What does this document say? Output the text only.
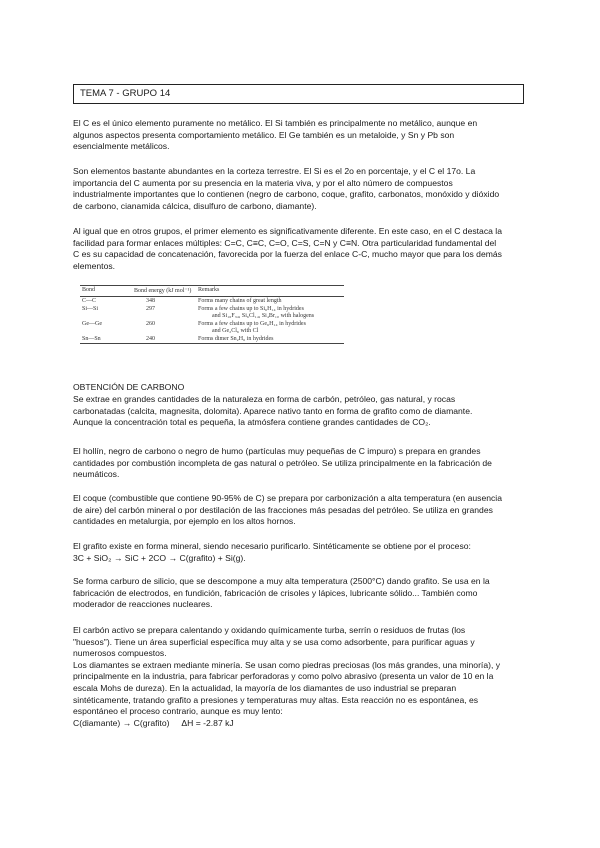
TEMA 7 - GRUPO 14
El C es el único elemento puramente no metálico. El Si también es principalmente no metálico, aunque en
algunos aspectos presenta comportamiento metálico. El Ge también es un metaloide, y Sn y Pb son
esencialmente metálicos.
Son elementos bastante abundantes en la corteza terrestre. El Si es el 2o en porcentaje, y el C el 17o. La
importancia del C aumenta por su presencia en la materia viva, y por el alto número de compuestos
industrialmente importantes que lo contienen (negro de carbono, coque, grafito, carbonatos, monóxido y dióxido
de carbono, cianamida cálcica, disulfuro de carbono, diamante).
Al igual que en otros grupos, el primer elemento es significativamente diferente. En este caso, en el C destaca la
facilidad para formar enlaces múltiples: C=C, C≡C, C=O, C=S, C=N y C≡N. Otra particularidad fundamental del
C es su capacidad de concatenación, favorecida por la fuerza del enlace C-C, mucho mayor que para los demás
elementos.
Bond	Bond energy (kJ mol⁻¹)	Remarks
C—C	348	Forms many chains of great length
Si—Si	297	Forms a few chains up to Si₆H₁₄ in hydrides
and Si₁₆F₃₄, Si₆Cl₁₄, Si₄Br₁₀ with halogens
Ge—Ge	260	Forms a few chains up to Ge₆H₁₄ in hydrides
and Ge₂Cl₆ with Cl
Sn—Sn	240	Forms dimer Sn₂H₆ in hydrides
OBTENCIÓN DE CARBONO
Se extrae en grandes cantidades de la naturaleza en forma de carbón, petróleo, gas natural, y rocas
carbonatadas (calcita, magnesita, dolomita). Aparece nativo tanto en forma de grafito como de diamante.
Aunque la concentración total es pequeña, la atmósfera contiene grandes cantidades de CO₂.
El hollín, negro de carbono o negro de humo (partículas muy pequeñas de C impuro) s prepara en grandes
cantidades por combustión incompleta de gas natural o petróleo. Se utiliza principalmente en la fabricación de
neumáticos.
El coque (combustible que contiene 90-95% de C) se prepara por carbonización a alta temperatura (en ausencia
de aire) del carbón mineral o por destilación de las fracciones más pesadas del petróleo. Se utiliza en grandes
cantidades en metalurgia, por ejemplo en los altos hornos.
El grafito existe en forma mineral, siendo necesario purificarlo. Sintéticamente se obtiene por el proceso:
3C + SiO₂ → SiC + 2CO → C(grafito) + Si(g).
Se forma carburo de silicio, que se descompone a muy alta temperatura (2500°C) dando grafito. Se usa en la
fabricación de electrodos, en fundición, fabricación de crisoles y lápices, lubricante sólido... También como
moderador de reacciones nucleares.
El carbón activo se prepara calentando y oxidando químicamente turba, serrín o residuos de frutas (los
"huesos"). Tiene un área superficial específica muy alta y se usa como adsorbente, para purificar aguas y
numerosos compuestos.
Los diamantes se extraen mediante minería. Se usan como piedras preciosas (los más grandes, una minoría), y
principalmente en la industria, para fabricar perforadoras y como polvo abrasivo (presenta un valor de 10 en la
escala Mohs de dureza). En la actualidad, la mayoría de los diamantes de uso industrial se preparan
sintéticamente, tratando grafito a presiones y temperaturas muy altas. Esta reacción no es espontánea, es
espontáneo el proceso contrario, aunque es muy lento:
C(diamante) → C(grafito)     ΔH = -2.87 kJ
